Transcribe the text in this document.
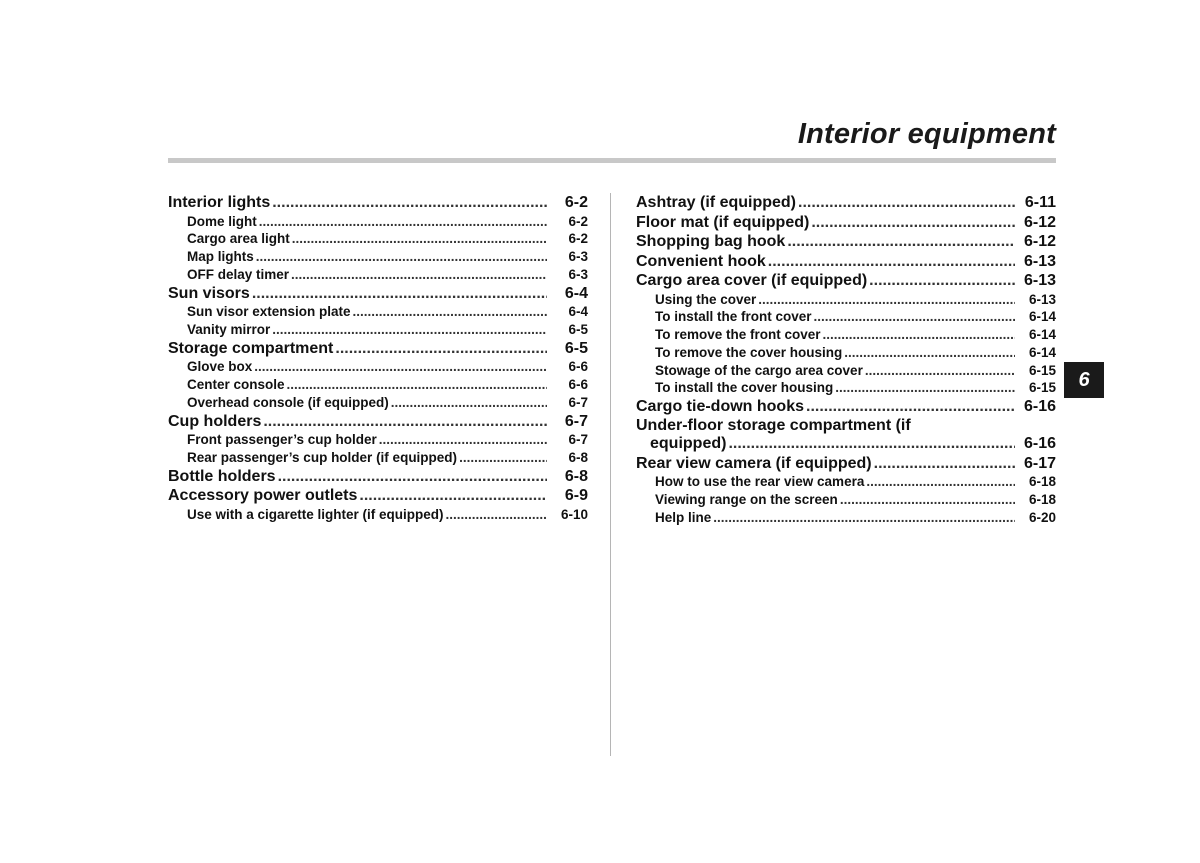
Interior equipment
6
Interior lights .....	6-2
Dome light .....	6-2
Cargo area light .....	6-2
Map lights .....	6-3
OFF delay timer .....	6-3
Sun visors .....	6-4
Sun visor extension plate .....	6-4
Vanity mirror .....	6-5
Storage compartment .....	6-5
Glove box .....	6-6
Center console .....	6-6
Overhead console (if equipped) .....	6-7
Cup holders .....	6-7
Front passenger’s cup holder .....	6-7
Rear passenger’s cup holder (if equipped) .....	6-8
Bottle holders .....	6-8
Accessory power outlets .....	6-9
Use with a cigarette lighter (if equipped) .....	6-10
Ashtray (if equipped) .....	6-11
Floor mat (if equipped) .....	6-12
Shopping bag hook .....	6-12
Convenient hook .....	6-13
Cargo area cover (if equipped) .....	6-13
Using the cover .....	6-13
To install the front cover .....	6-14
To remove the front cover .....	6-14
To remove the cover housing .....	6-14
Stowage of the cargo area cover .....	6-15
To install the cover housing .....	6-15
Cargo tie-down hooks .....	6-16
Under-floor storage compartment (if
equipped) .....	6-16
Rear view camera (if equipped) .....	6-17
How to use the rear view camera .....	6-18
Viewing range on the screen .....	6-18
Help line .....	6-20
